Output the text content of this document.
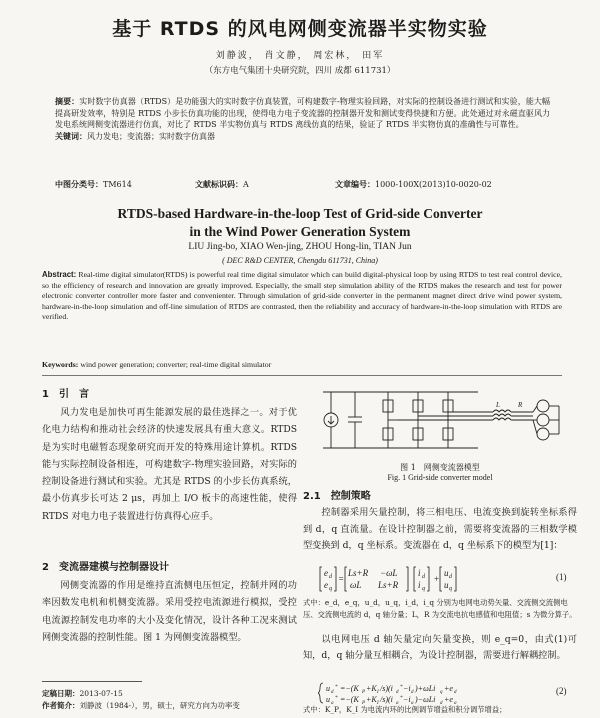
基于 RTDS 的风电网侧变流器半实物实验
刘静波， 肖文静， 周宏林， 田军
（东方电气集团十央研究院，四川 成都 611731）
摘要：实时数字仿真器（RTDS）是功能强大的实时数字仿真装置，可构建数字-物理实验回路，对实际的控制设备进行测试和实验，能大幅提高研发效率，特别是 RTDS 小步长仿真功能的出现，使得电力电子变流器的控制器开发和测试变得快捷和方便。此处通过对永磁直驱风力发电系统网侧变流器进行仿真，对比了 RTDS 半实物仿真与 RTDS 离线仿真的结果，验证了 RTDS 半实物仿真的准确性与可靠性。
关键词：风力发电；变流器；实时数字仿真器
中图分类号：TM614	文献标识码：A	文章编号：1000-100X(2013)10-0020-02
RTDS-based Hardware-in-the-loop Test of Grid-side Converter
in the Wind Power Generation System
LIU Jing-bo, XIAO Wen-jing, ZHOU Hong-lin, TIAN Jun
( DEC R&D CENTER, Chengdu 611731, China)
Abstract: Real-time digital simulator(RTDS) is powerful real time digital simulator which can build digital-physical loop by using RTDS to test real control device, so the efficiency of research and innovation are greatly improved. Especially, the small step simulation ability of the RTDS makes the research and test for power electronic converter controller more faster and convenienter. Through simulation of grid-side converter in the permanent magnet direct drive wind power system, hardware-in-the-loop simulation and off-line simulation of RTDS are contrasted, then the reliability and accuracy of hardware-in-the-loop simulation with RTDS are verified.
Keywords: wind power generation; converter; real-time digital simulator
1　引　言

风力发电是加快可再生能源发展的最佳选择之一。对于优化电力结构和推动社会经济的快速发展具有重大意义。RTDS 是为实时电磁暂态现象研究而开发的特殊用途计算机。RTDS 能与实际控制设备相连，可构建数字-物理实验回路，对实际的控制设备进行测试和实验。尤其是 RTDS 的小步长仿真系统，最小仿真步长可达 2 μs，再加上 I/O 板卡的高速性能，使得 RTDS 对电力电子装置进行仿真得心应手。

2　变流器建模与控制器设计

网侧变流器的作用是维持直流侧电压恒定，控制并网的功率因数发电机和机侧变流器。采用受控电流源进行模拟，受控电流源控制发电功率的大小及变化情况，设计各种工况来测试网侧变流器的控制性能。图 1 为网侧变流器模型。

定稿日期：2013-07-15
作者简介：刘静波（1984-），男，硕士，研究方向为功率变
L	R
图 1　网侧变流器模型
Fig. 1 Grid-side converter model
2.1　控制策略

控制器采用矢量控制，将三相电压、电流变换到旋转坐标系得到 d，q 直流量。在设计控制器之前，需要将变流器的三相数学模型变换到 d，q 坐标系。变流器在 d，q 坐标系下的模型为[1]：

e d
e q
Ls+R −ωL
ωL Ls+R
i d
i q
+
u d
u q
=	(1)
式中：e_d，e_q，u_d，u_q，i_d，i_q 分别为电网电动势矢量、交流侧交流侧电压、交流侧电流的 d，q 轴分量；L，R 为交流电抗电感值和电阻值；s 为微分算子。

以电网电压 d 轴矢量定向矢量变换，则 e_q=0，由式(1)可知，d，q 轴分量互相耦合，为设计控制器，需要进行解耦控制。

u d
* =−(K P +K I /s)(i d
* −i d )+ωLi q +e d
u q
* =−(K P +K I /s)(i q
* −i q )−ωLi d +e q
(2)
式中：K_P，K_I 为电流内环的比例调节增益和积分调节增益；
